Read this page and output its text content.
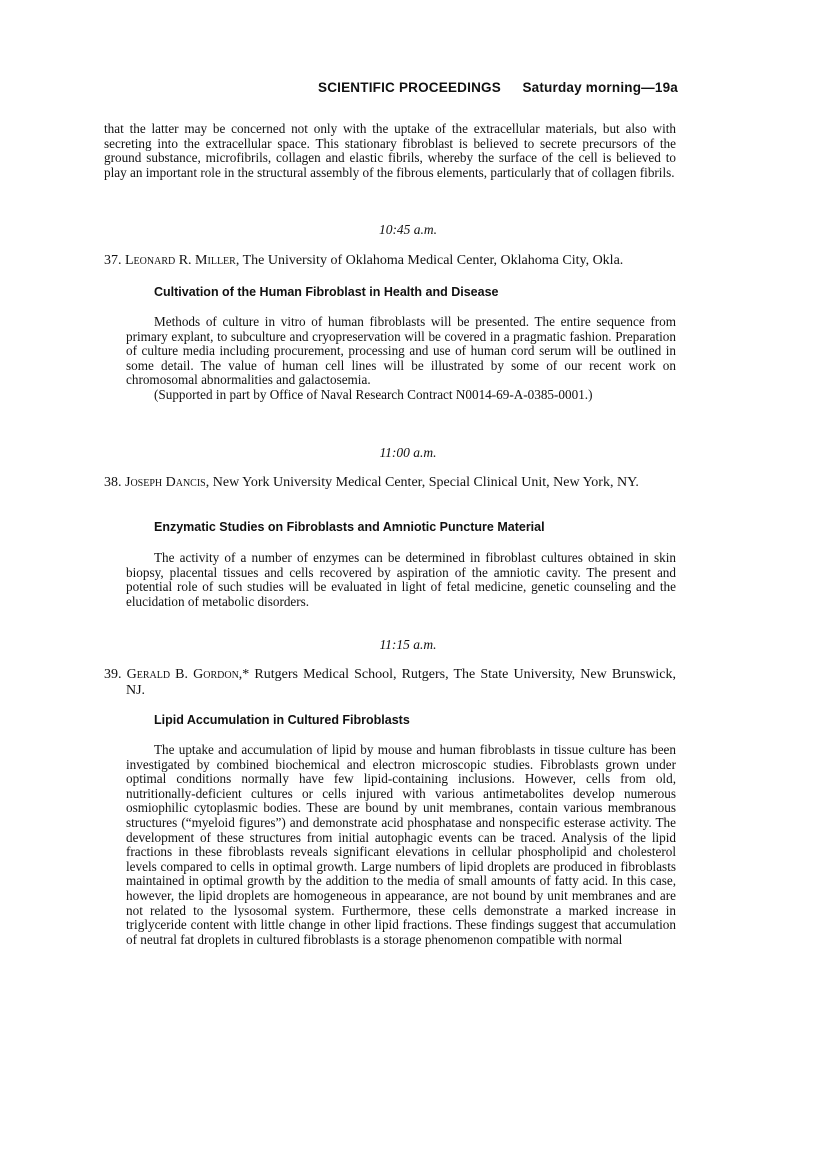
SCIENTIFIC PROCEEDINGS Saturday morning—19a

that the latter may be concerned not only with the uptake of the extracellular materials, but also with secreting into the extracellular space. This stationary fibroblast is believed to secrete precursors of the ground substance, microfibrils, collagen and elastic fibrils, whereby the surface of the cell is believed to play an important role in the structural assembly of the fibrous elements, particularly that of collagen fibrils.

10:45 a.m.
37. Leonard R. Miller, The University of Oklahoma Medical Center, Oklahoma City, Okla.
Cultivation of the Human Fibroblast in Health and Disease

Methods of culture in vitro of human fibroblasts will be presented. The entire sequence from primary explant, to subculture and cryopreservation will be covered in a pragmatic fashion. Preparation of culture media including procurement, processing and use of human cord serum will be outlined in some detail. The value of human cell lines will be illustrated by some of our recent work on chromosomal abnormalities and galactosemia.

(Supported in part by Office of Naval Research Contract N0014-69-A-0385-0001.)

11:00 a.m.
38. Joseph Dancis, New York University Medical Center, Special Clinical Unit, New York, NY.
Enzymatic Studies on Fibroblasts and Amniotic Puncture Material

The activity of a number of enzymes can be determined in fibroblast cultures obtained in skin biopsy, placental tissues and cells recovered by aspiration of the amniotic cavity. The present and potential role of such studies will be evaluated in light of fetal medicine, genetic counseling and the elucidation of metabolic disorders.

11:15 a.m.
39. Gerald B. Gordon,* Rutgers Medical School, Rutgers, The State University, New Brunswick, NJ.
Lipid Accumulation in Cultured Fibroblasts

The uptake and accumulation of lipid by mouse and human fibroblasts in tissue culture has been investigated by combined biochemical and electron microscopic studies. Fibroblasts grown under optimal conditions normally have few lipid-containing inclusions. However, cells from old, nutritionally-deficient cultures or cells injured with various antimetabolites develop numerous osmiophilic cytoplasmic bodies. These are bound by unit membranes, contain various membranous structures (“myeloid figures”) and demonstrate acid phosphatase and nonspecific esterase activity. The development of these structures from initial autophagic events can be traced. Analysis of the lipid fractions in these fibroblasts reveals significant elevations in cellular phospholipid and cholesterol levels compared to cells in optimal growth. Large numbers of lipid droplets are produced in fibroblasts maintained in optimal growth by the addition to the media of small amounts of fatty acid. In this case, however, the lipid droplets are homogeneous in appearance, are not bound by unit membranes and are not related to the lysosomal system. Furthermore, these cells demonstrate a marked increase in triglyceride content with little change in other lipid fractions. These findings suggest that accumulation of neutral fat droplets in cultured fibroblasts is a storage phenomenon compatible with normal
